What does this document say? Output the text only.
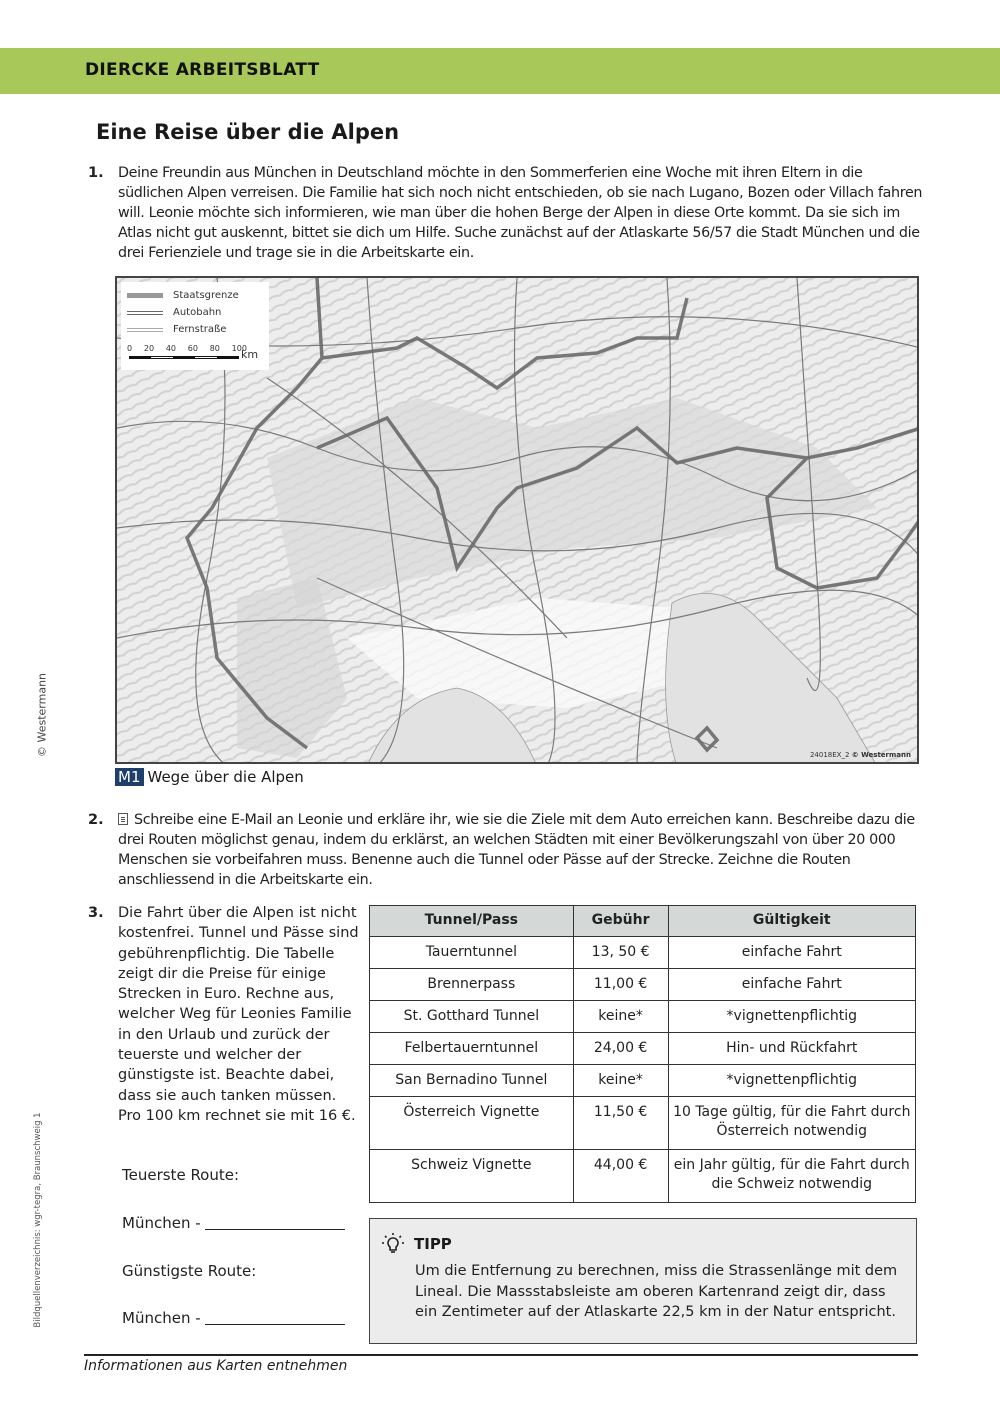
DIERCKE ARBEITSBLATT
Eine Reise über die Alpen
© Westermann
Bildquellenverzeichnis: wgr-tegra, Braunschweig 1
1. Deine Freundin aus München in Deutschland möchte in den Sommerferien eine Woche mit ihren Eltern in die südlichen Alpen verreisen. Die Familie hat sich noch nicht entschieden, ob sie nach Lugano, Bozen oder Villach fahren will. Leonie möchte sich informieren, wie man über die hohen Berge der Alpen in diese Orte kommt. Da sie sich im Atlas nicht gut auskennt, bittet sie dich um Hilfe. Suche zunächst auf der Atlaskarte 56/57 die Stadt München und die drei Ferienziele und trage sie in die Arbeitskarte ein.
Staatsgrenze
Autobahn
Fernstraße
0 20 40 60 80 100
km
24018EX_2 © Westermann
M1 Wege über die Alpen
2.	Schreibe eine E-Mail an Leonie und erkläre ihr, wie sie die Ziele mit dem Auto erreichen kann. Beschreibe dazu die drei Routen möglichst genau, indem du erklärst, an welchen Städten mit einer Bevölkerungszahl von über 20 000 Menschen sie vorbeifahren muss. Benenne auch die Tunnel oder Pässe auf der Strecke. Zeichne die Routen anschliessend in die Arbeitskarte ein.
3. Die Fahrt über die Alpen ist nicht kostenfrei. Tunnel und Pässe sind gebührenpflichtig. Die Tabelle zeigt dir die Preise für einige Strecken in Euro. Rechne aus, welcher Weg für Leonies Familie in den Urlaub und zurück der teuerste und welcher der günstigste ist. Beachte dabei, dass sie auch tanken müssen. Pro 100 km rechnet sie mit 16 €.
Teuerste Route:
München -
Günstigste Route:
München -
Tunnel/Pass	Gebühr	Gültigkeit
Tauerntunnel	13, 50 €	einfache Fahrt
Brennerpass	11,00 €	einfache Fahrt
St. Gotthard Tunnel	keine*	*vignettenpflichtig
Felbertauerntunnel	24,00 €	Hin- und Rückfahrt
San Bernadino Tunnel	keine*	*vignettenpflichtig
Österreich Vignette	11,50 €	10 Tage gültig, für die Fahrt durch Österreich notwendig
Schweiz Vignette	44,00 €	ein Jahr gültig, für die Fahrt durch die Schweiz notwendig
TIPP
Um die Entfernung zu berechnen, miss die Strassenlänge mit dem Lineal. Die Massstabsleiste am oberen Kartenrand zeigt dir, dass ein Zentimeter auf der Atlaskarte 22,5 km in der Natur entspricht.
Informationen aus Karten entnehmen
